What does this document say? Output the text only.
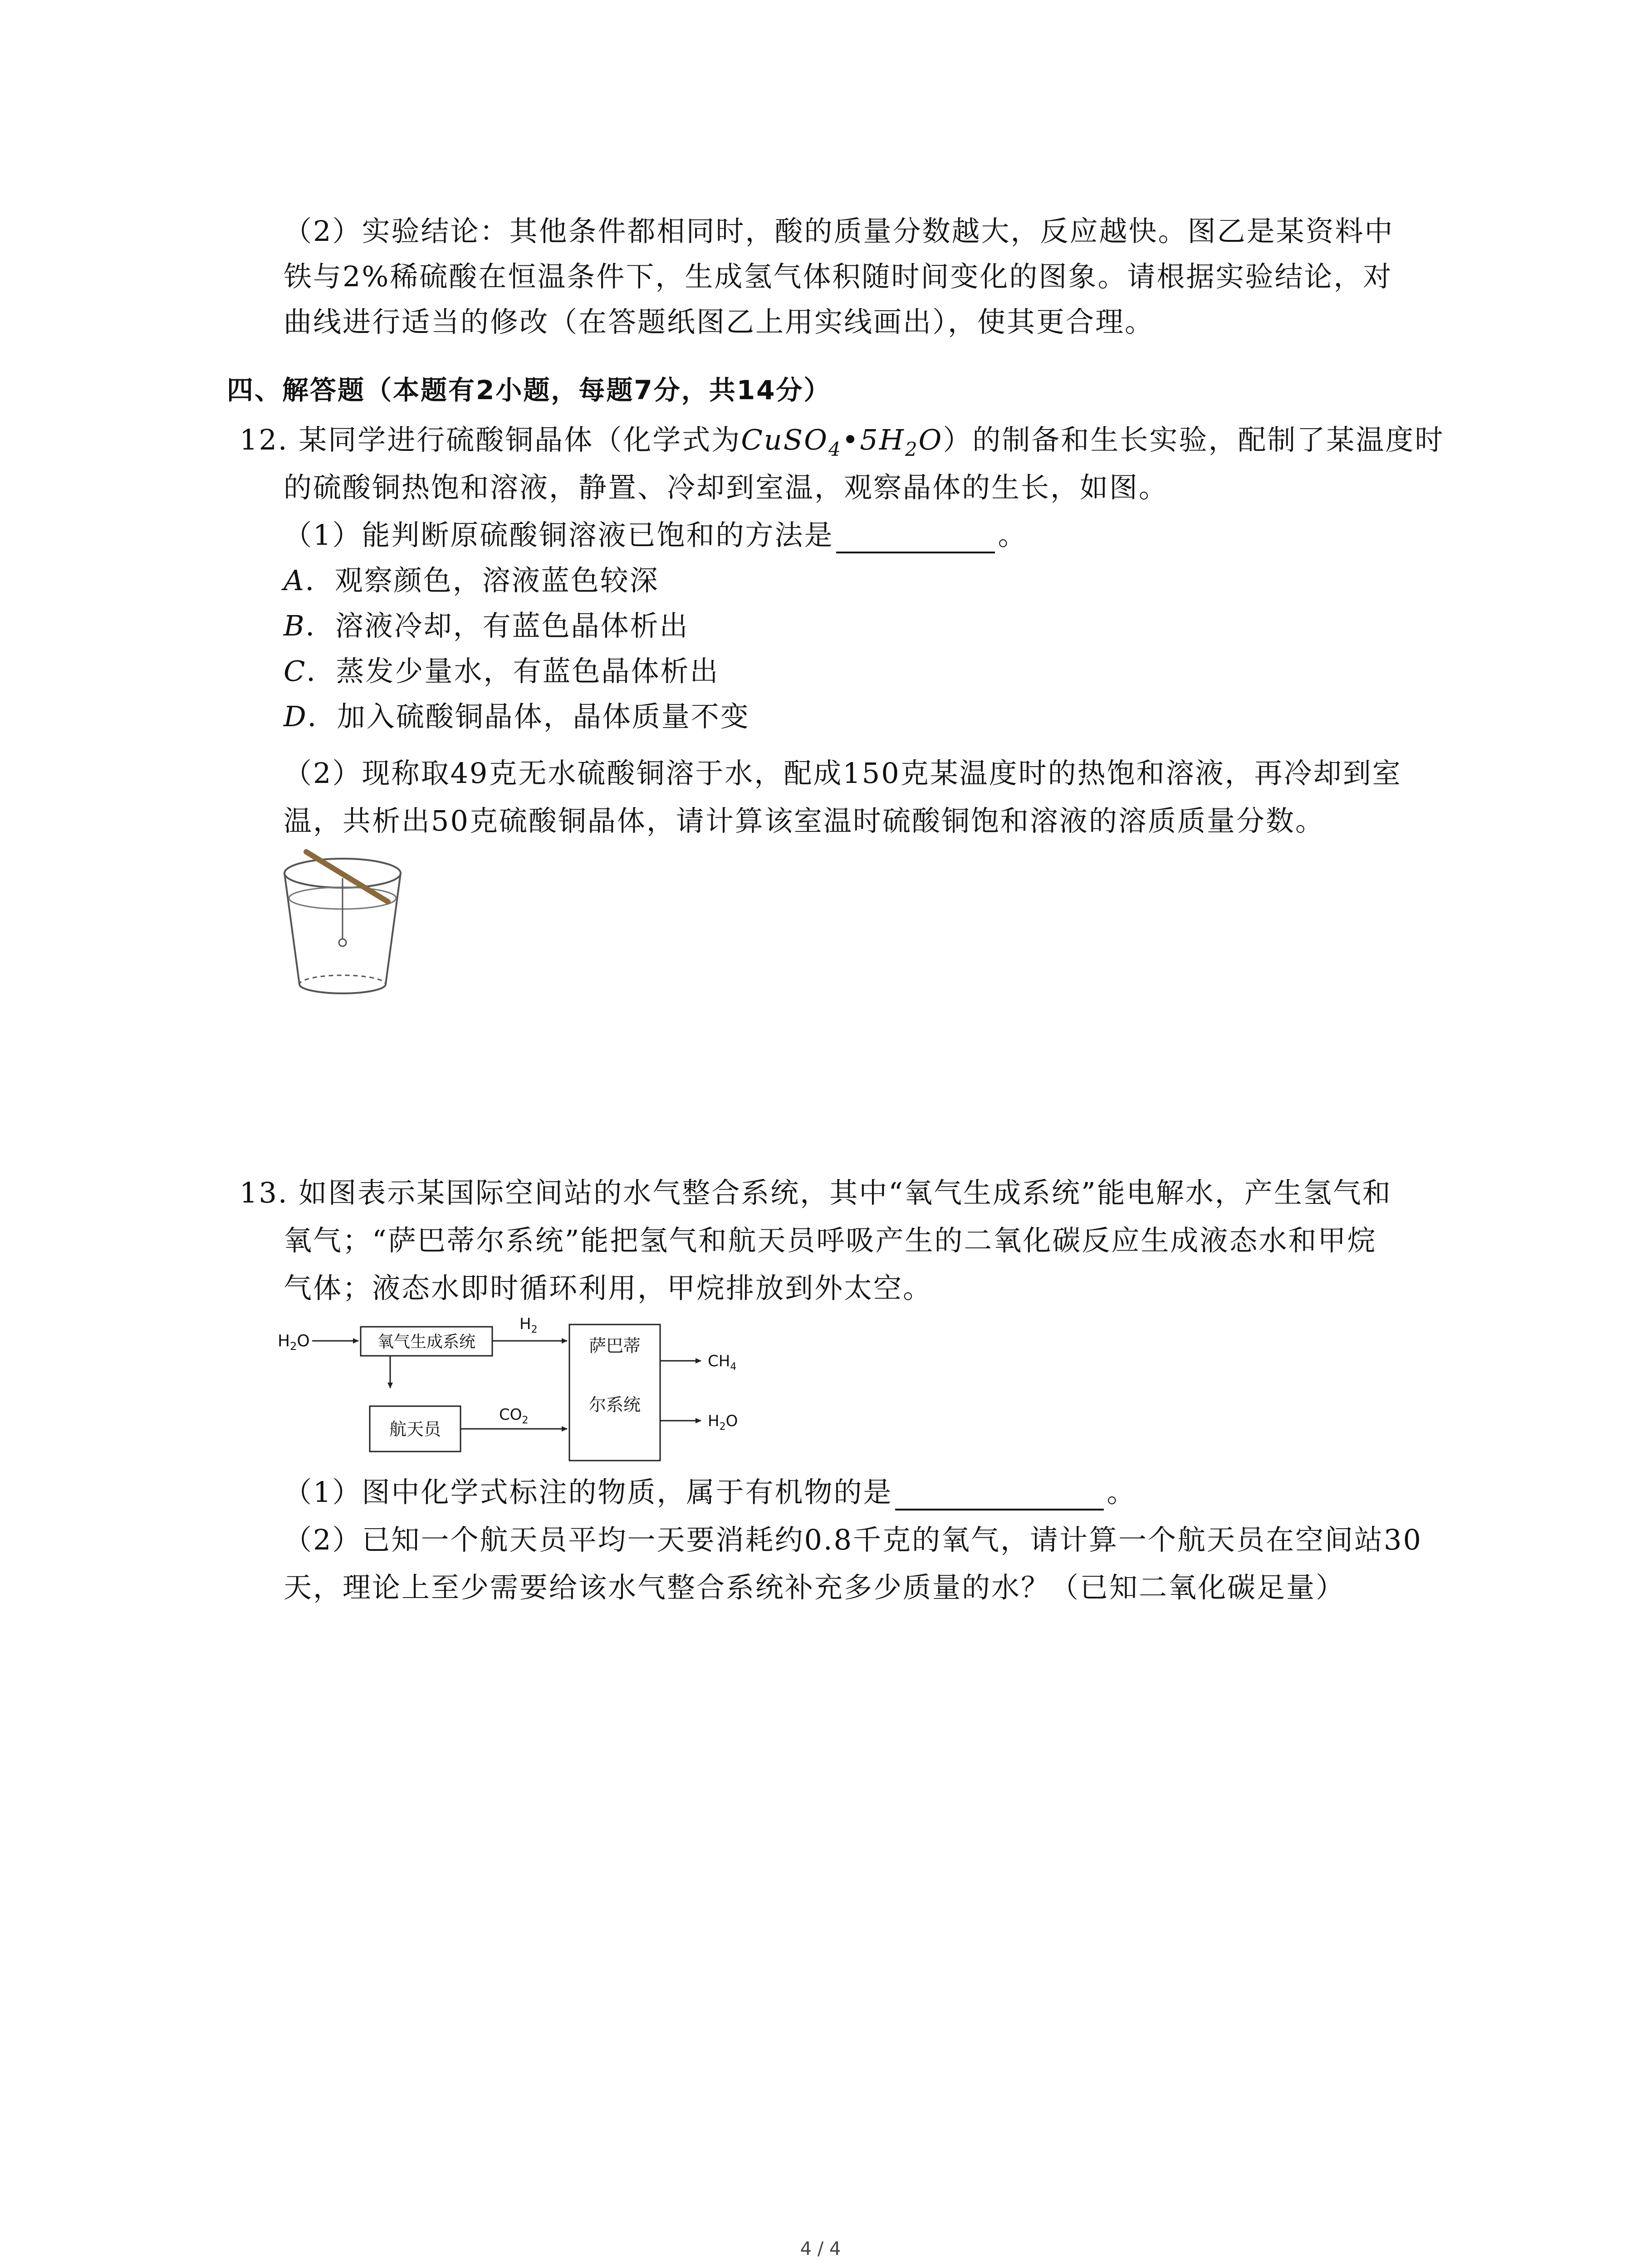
（2）实验结论：其他条件都相同时，酸的质量分数越大，反应越快。图乙是某资料中
铁与2%稀硫酸在恒温条件下，生成氢气体积随时间变化的图象。请根据实验结论，对
曲线进行适当的修改（在答题纸图乙上用实线画出），使其更合理。
四、解答题（本题有2小题，每题7分，共14分）
12. 某同学进行硫酸铜晶体（化学式为$CuSO_4•5H_2O$）的制备和生长实验，配制了某温度时
的硫酸铜热饱和溶液，静置、冷却到室温，观察晶体的生长，如图。
（1）能判断原硫酸铜溶液已饱和的方法是	。
A．观察颜色，溶液蓝色较深
B．溶液冷却，有蓝色晶体析出
C．蒸发少量水，有蓝色晶体析出
D．加入硫酸铜晶体，晶体质量不变
（2）现称取49克无水硫酸铜溶于水，配成150克某温度时的热饱和溶液，再冷却到室
温，共析出50克硫酸铜晶体，请计算该室温时硫酸铜饱和溶液的溶质质量分数。
13. 如图表示某国际空间站的水气整合系统，其中“氧气生成系统”能电解水，产生氢气和
氧气；“萨巴蒂尔系统”能把氢气和航天员呼吸产生的二氧化碳反应生成液态水和甲烷
气体；液态水即时循环利用，甲烷排放到外太空。
$H_2O$	氧气生成系统
$H_2$
萨巴蒂
尔系统
$CH_4$
$H_2O$
航天员
$CO_2$
（1）图中化学式标注的物质，属于有机物的是	。
（2）已知一个航天员平均一天要消耗约0.8千克的氧气，请计算一个航天员在空间站30
天，理论上至少需要给该水气整合系统补充多少质量的水？（已知二氧化碳足量）
4 / 4
